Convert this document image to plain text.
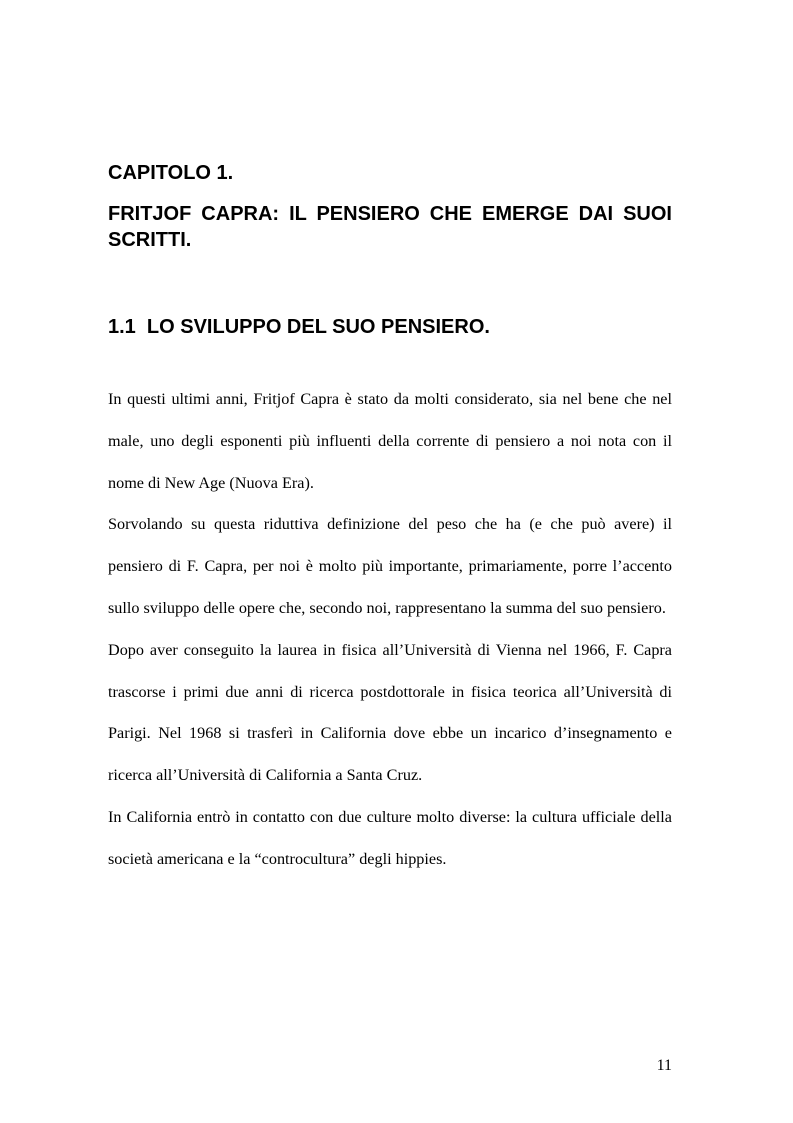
CAPITOLO 1.
FRITJOF CAPRA: IL PENSIERO CHE EMERGE DAI SUOI SCRITTI.
1.1  LO SVILUPPO DEL SUO PENSIERO.

In questi ultimi anni, Fritjof Capra è stato da molti considerato, sia nel bene che nel male, uno degli esponenti più influenti della corrente di pensiero a noi nota con il nome di New Age (Nuova Era).

Sorvolando su questa riduttiva definizione del peso che ha (e che può avere) il pensiero di F. Capra, per noi è molto più importante, primariamente, porre l’accento sullo sviluppo delle opere che, secondo noi, rappresentano la summa del suo pensiero.

Dopo aver conseguito la laurea in fisica all’Università di Vienna nel 1966, F. Capra trascorse i primi due anni di ricerca postdottorale in fisica teorica all’Università di Parigi. Nel 1968 si trasferì in California dove ebbe un incarico d’insegnamento e ricerca all’Università di California a Santa Cruz.

In California entrò in contatto con due culture molto diverse: la cultura ufficiale della società americana e la “controcultura” degli hippies.

11
